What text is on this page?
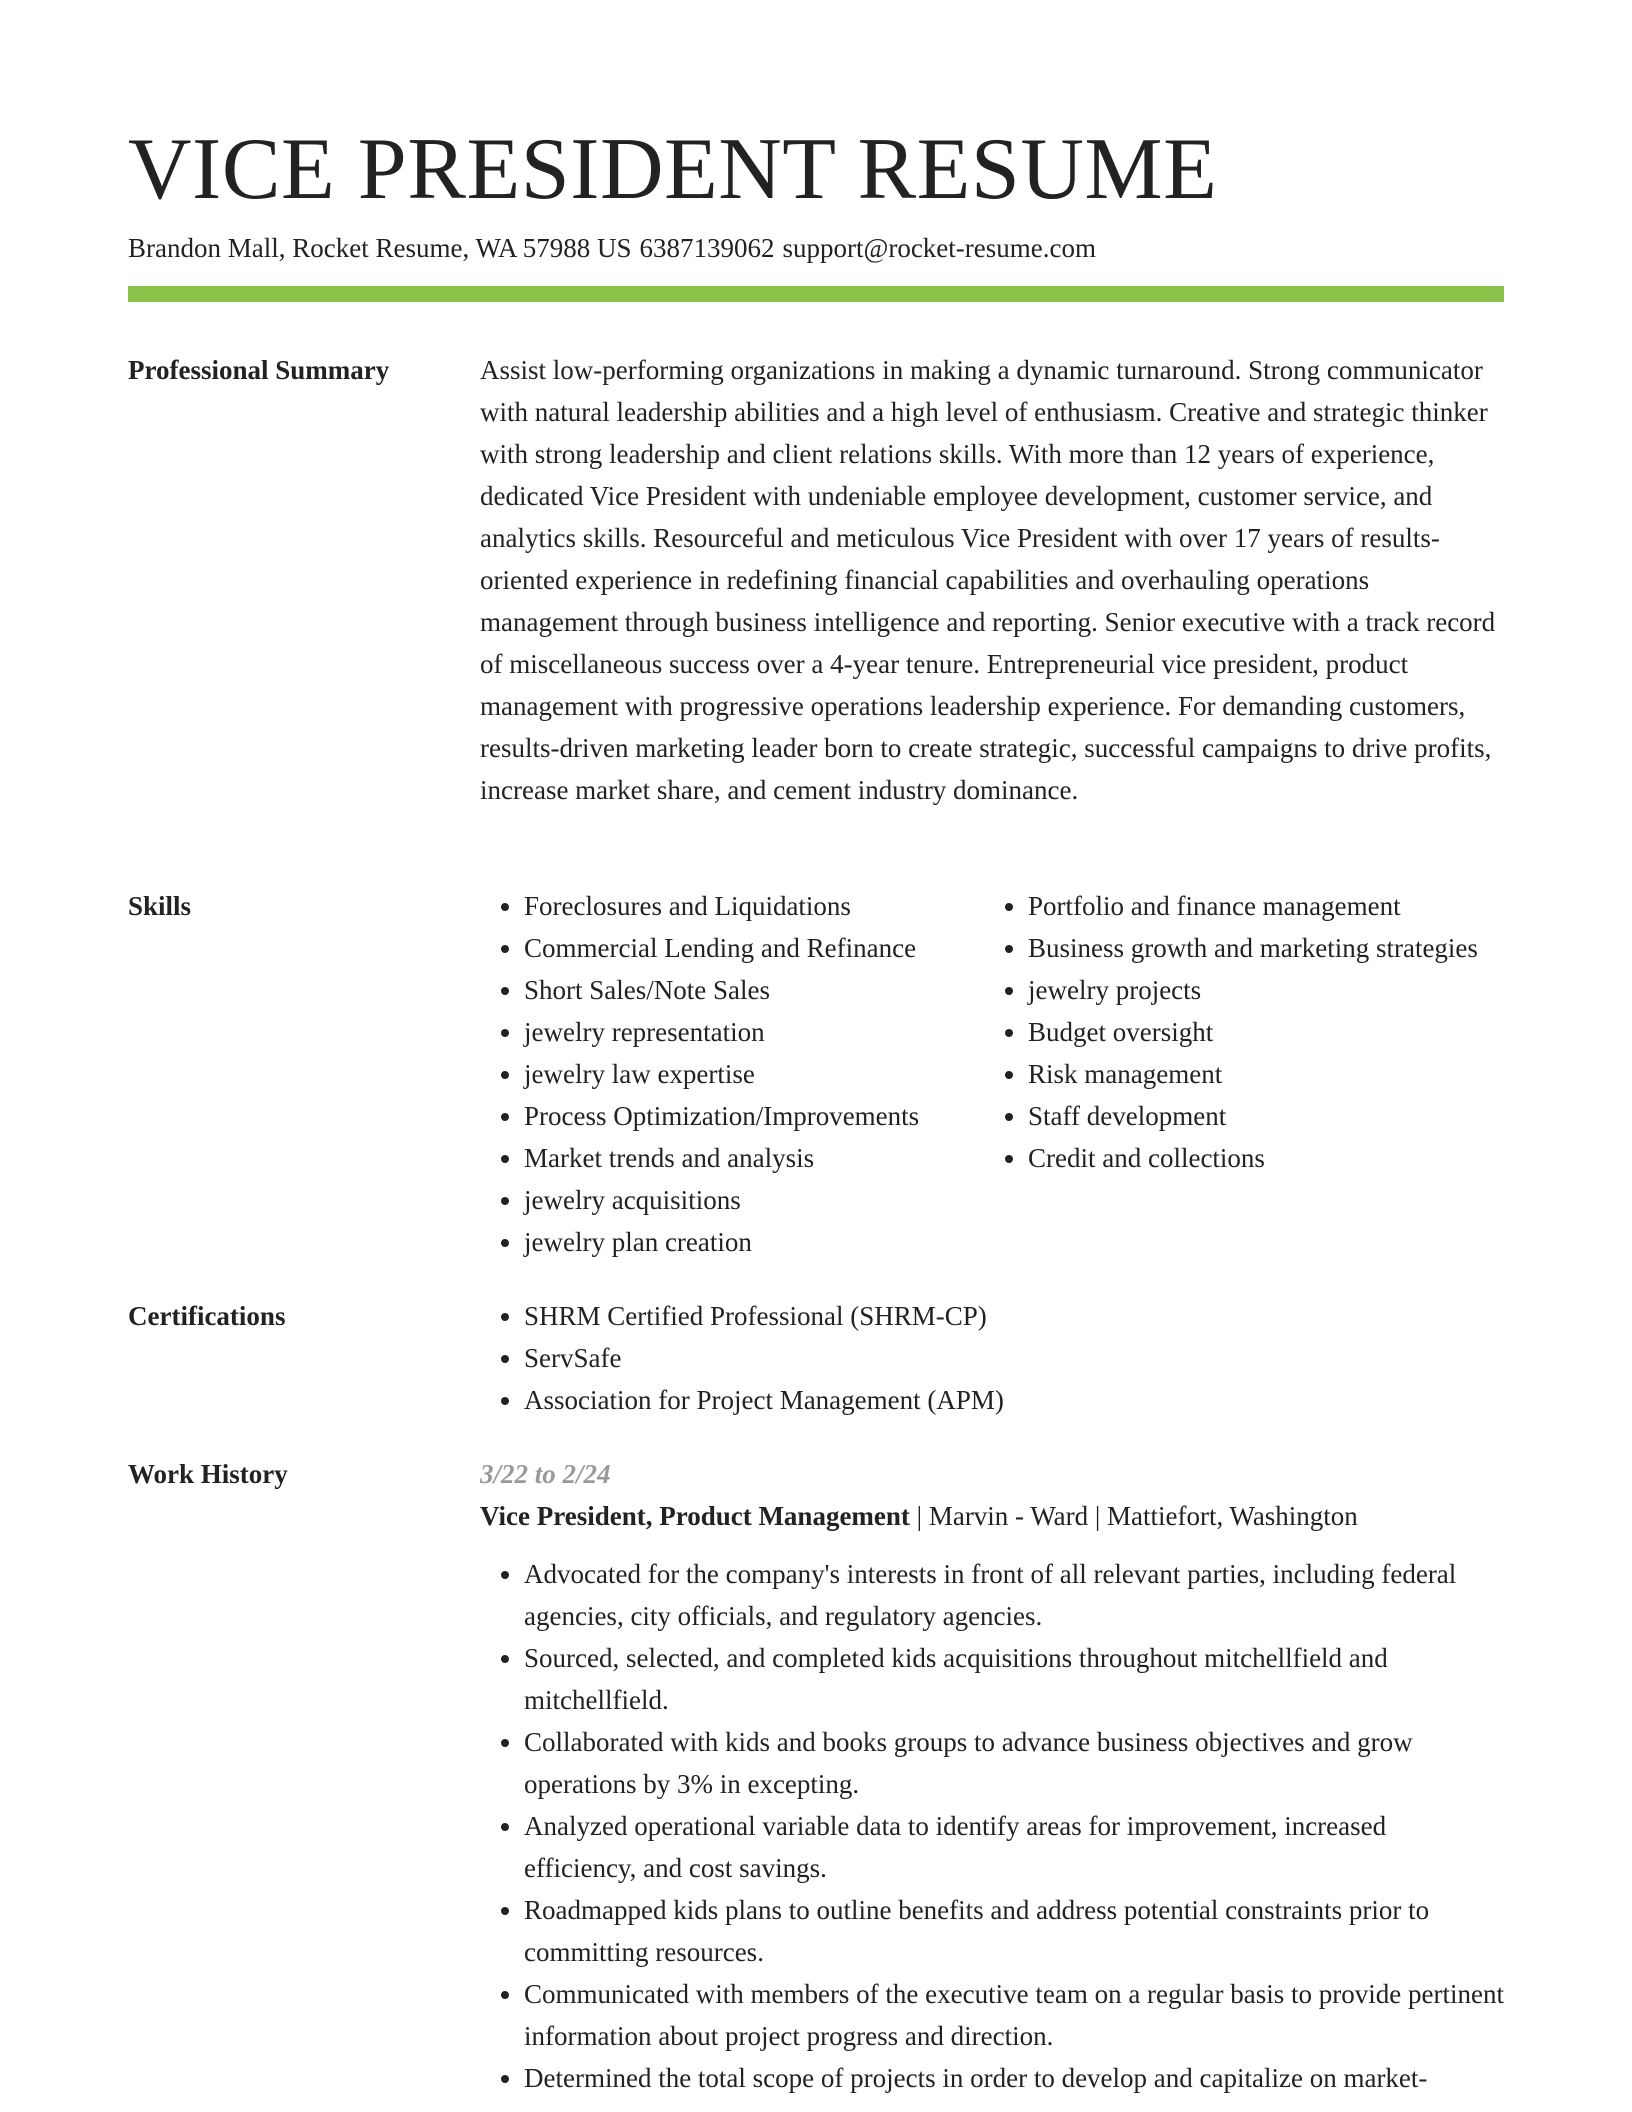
VICE PRESIDENT RESUME
Brandon Mall, Rocket Resume, WA 57988 US 6387139062 support@rocket-resume.com
Professional Summary	Assist low-performing organizations in making a dynamic turnaround. Strong communicator with natural leadership abilities and a high level of enthusiasm. Creative and strategic thinker with strong leadership and client relations skills. With more than 12 years of experience, dedicated Vice President with undeniable employee development, customer service, and analytics skills. Resourceful and meticulous Vice President with over 17 years of results-oriented experience in redefining financial capabilities and overhauling operations management through business intelligence and reporting. Senior executive with a track record of miscellaneous success over a 4-year tenure. Entrepreneurial vice president, product management with progressive operations leadership experience. For demanding customers, results-driven marketing leader born to create strategic, successful campaigns to drive profits, increase market share, and cement industry dominance.

Skills	• Foreclosures and Liquidations
• Commercial Lending and Refinance
• Short Sales/Note Sales
• jewelry representation
• jewelry law expertise
• Process Optimization/Improvements
• Market trends and analysis
• jewelry acquisitions
• jewelry plan creation
• Portfolio and finance management
• Business growth and marketing strategies
• jewelry projects
• Budget oversight
• Risk management
• Staff development
• Credit and collections
Certifications	• SHRM Certified Professional (SHRM-CP)
• ServSafe
• Association for Project Management (APM)
Work History	3/22 to 2/24
Vice President, Product Management | Marvin - Ward | Mattiefort, Washington
• Advocated for the company's interests in front of all relevant parties, including federal agencies, city officials, and regulatory agencies.
• Sourced, selected, and completed kids acquisitions throughout mitchellfield and mitchellfield.
• Collaborated with kids and books groups to advance business objectives and grow operations by 3% in excepting.
• Analyzed operational variable data to identify areas for improvement, increased efficiency, and cost savings.
• Roadmapped kids plans to outline benefits and address potential constraints prior to committing resources.
• Communicated with members of the executive team on a regular basis to provide pertinent information about project progress and direction.
• Determined the total scope of projects in order to develop and capitalize on market-
